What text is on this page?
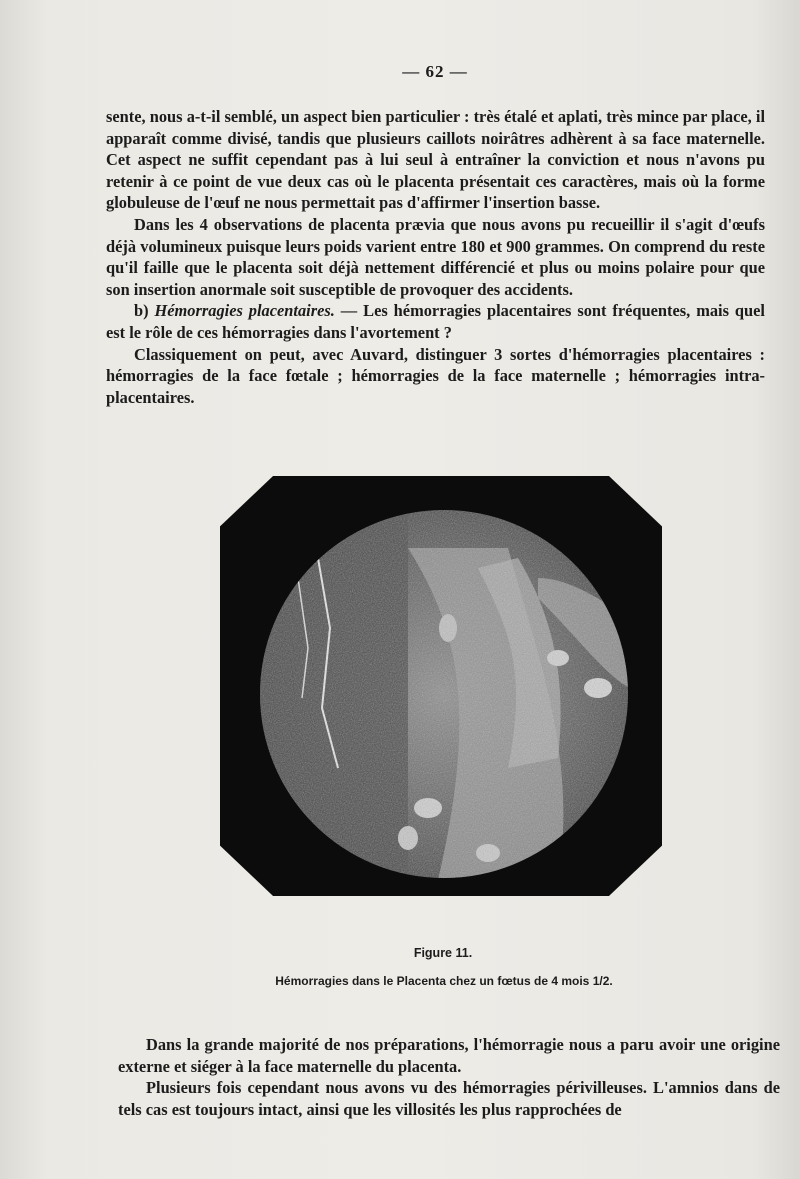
— 62 —

sente, nous a-t-il semblé, un aspect bien particulier : très étalé et aplati, très mince par place, il apparaît comme divisé, tandis que plusieurs caillots noirâtres adhèrent à sa face maternelle. Cet aspect ne suffit cependant pas à lui seul à entraîner la conviction et nous n'avons pu retenir à ce point de vue deux cas où le placenta présentait ces caractères, mais où la forme globuleuse de l'œuf ne nous permettait pas d'affirmer l'insertion basse.

Dans les 4 observations de placenta prævia que nous avons pu recueillir il s'agit d'œufs déjà volumineux puisque leurs poids varient entre 180 et 900 grammes. On comprend du reste qu'il faille que le placenta soit déjà nettement différencié et plus ou moins polaire pour que son insertion anormale soit susceptible de provoquer des accidents.

b) Hémorragies placentaires. — Les hémorragies placentaires sont fréquentes, mais quel est le rôle de ces hémorragies dans l'avortement ?

Classiquement on peut, avec Auvard, distinguer 3 sortes d'hémorragies placentaires : hémorragies de la face fœtale ; hémorragies de la face maternelle ; hémorragies intra-placentaires.

Figure 11.
Hémorragies dans le Placenta chez un fœtus de 4 mois 1/2.

Dans la grande majorité de nos préparations, l'hémorragie nous a paru avoir une origine externe et siéger à la face maternelle du placenta.

Plusieurs fois cependant nous avons vu des hémorragies périvilleuses. L'amnios dans de tels cas est toujours intact, ainsi que les villosités les plus rapprochées de
